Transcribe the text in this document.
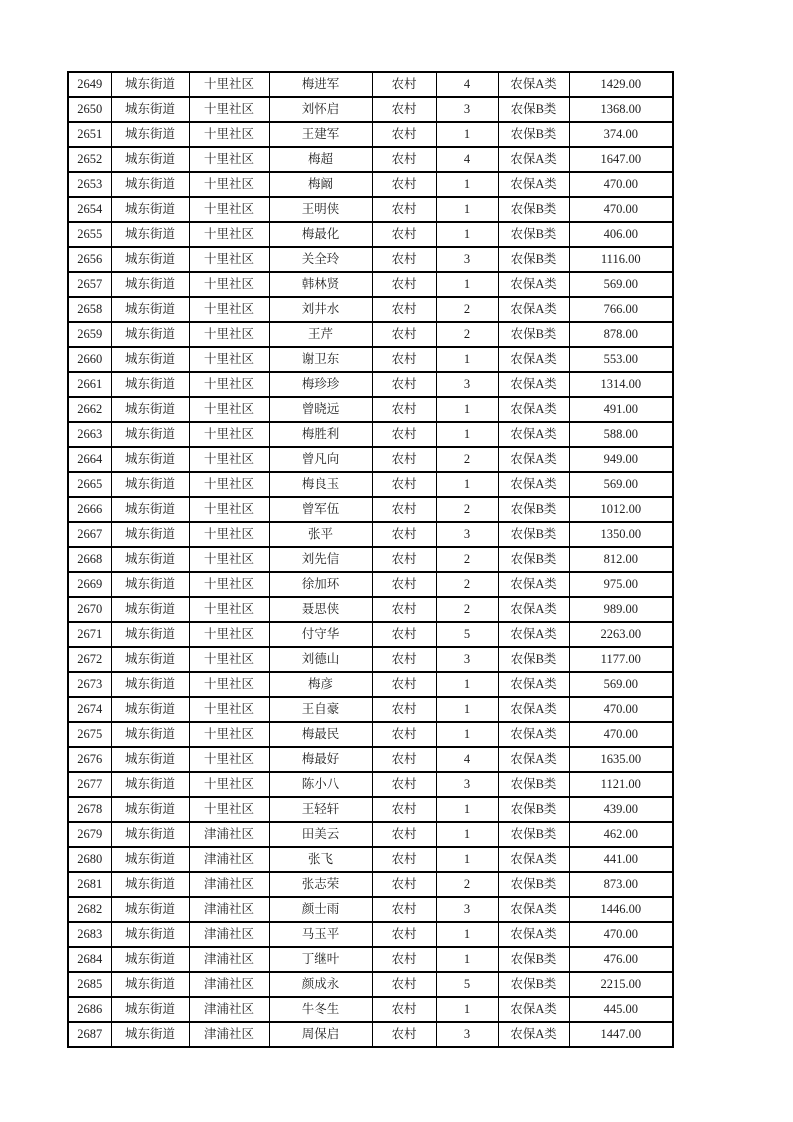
2649	城东街道	十里社区	梅进军	农村	4	农保A类	1429.00
2650	城东街道	十里社区	刘怀启	农村	3	农保B类	1368.00
2651	城东街道	十里社区	王建军	农村	1	农保B类	374.00
2652	城东街道	十里社区	梅超	农村	4	农保A类	1647.00
2653	城东街道	十里社区	梅阚	农村	1	农保A类	470.00
2654	城东街道	十里社区	王明侠	农村	1	农保B类	470.00
2655	城东街道	十里社区	梅最化	农村	1	农保B类	406.00
2656	城东街道	十里社区	关全玲	农村	3	农保B类	1116.00
2657	城东街道	十里社区	韩林贤	农村	1	农保A类	569.00
2658	城东街道	十里社区	刘井水	农村	2	农保A类	766.00
2659	城东街道	十里社区	王芹	农村	2	农保B类	878.00
2660	城东街道	十里社区	谢卫东	农村	1	农保A类	553.00
2661	城东街道	十里社区	梅珍珍	农村	3	农保A类	1314.00
2662	城东街道	十里社区	曾晓远	农村	1	农保A类	491.00
2663	城东街道	十里社区	梅胜利	农村	1	农保A类	588.00
2664	城东街道	十里社区	曾凡向	农村	2	农保A类	949.00
2665	城东街道	十里社区	梅良玉	农村	1	农保A类	569.00
2666	城东街道	十里社区	曾军伍	农村	2	农保B类	1012.00
2667	城东街道	十里社区	张平	农村	3	农保B类	1350.00
2668	城东街道	十里社区	刘先信	农村	2	农保B类	812.00
2669	城东街道	十里社区	徐加环	农村	2	农保A类	975.00
2670	城东街道	十里社区	聂思侠	农村	2	农保A类	989.00
2671	城东街道	十里社区	付守华	农村	5	农保A类	2263.00
2672	城东街道	十里社区	刘德山	农村	3	农保B类	1177.00
2673	城东街道	十里社区	梅彦	农村	1	农保A类	569.00
2674	城东街道	十里社区	王自豪	农村	1	农保A类	470.00
2675	城东街道	十里社区	梅最民	农村	1	农保A类	470.00
2676	城东街道	十里社区	梅最好	农村	4	农保A类	1635.00
2677	城东街道	十里社区	陈小八	农村	3	农保B类	1121.00
2678	城东街道	十里社区	王轻轩	农村	1	农保B类	439.00
2679	城东街道	津浦社区	田美云	农村	1	农保B类	462.00
2680	城东街道	津浦社区	张飞	农村	1	农保A类	441.00
2681	城东街道	津浦社区	张志荣	农村	2	农保B类	873.00
2682	城东街道	津浦社区	颜士雨	农村	3	农保A类	1446.00
2683	城东街道	津浦社区	马玉平	农村	1	农保A类	470.00
2684	城东街道	津浦社区	丁继叶	农村	1	农保B类	476.00
2685	城东街道	津浦社区	颜成永	农村	5	农保B类	2215.00
2686	城东街道	津浦社区	牛冬生	农村	1	农保A类	445.00
2687	城东街道	津浦社区	周保启	农村	3	农保A类	1447.00
